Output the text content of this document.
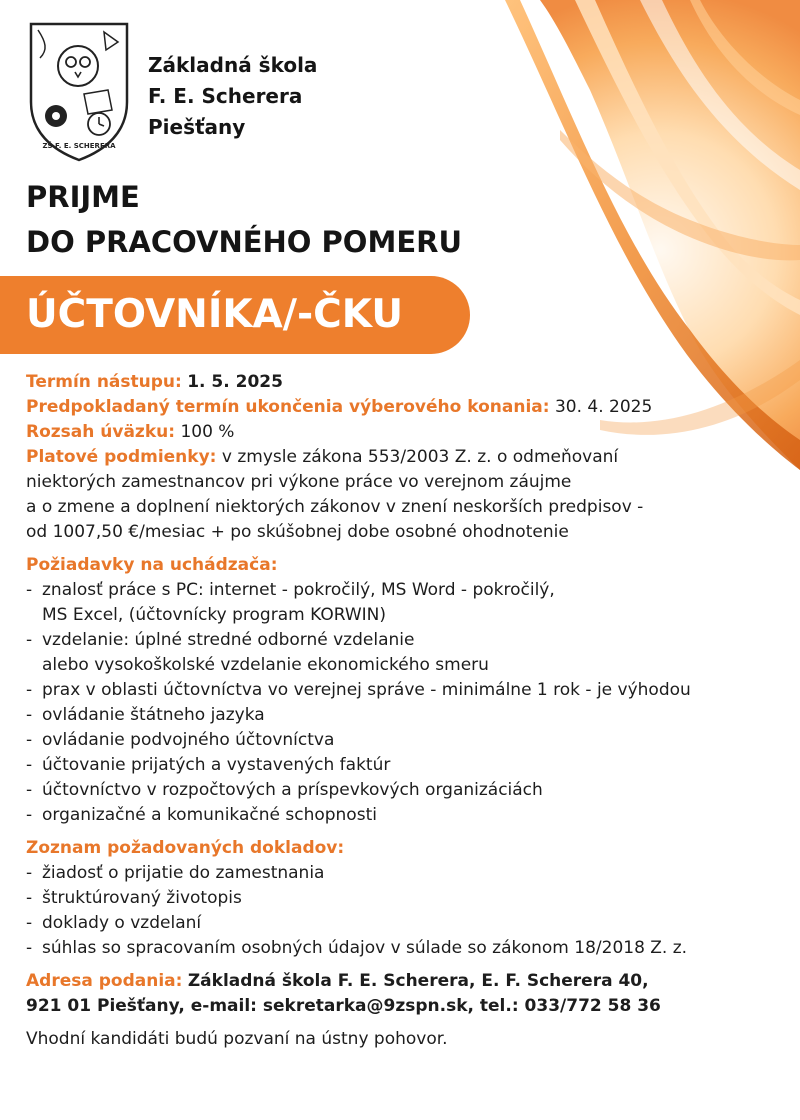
ZŠ F. E. SCHERERA
Základná škola
F. E. Scherera
Piešťany
PRIJME
DO PRACOVNÉHO POMERU
ÚČTOVNÍKA/-ČKU
Termín nástupu: 1. 5. 2025
Predpokladaný termín ukončenia výberového konania: 30. 4. 2025
Rozsah úväzku: 100 %
Platové podmienky: v zmysle zákona 553/2003 Z. z. o odmeňovaní
niektorých zamestnancov pri výkone práce vo verejnom záujme
a o zmene a doplnení niektorých zákonov v znení neskorších predpisov -
od 1007,50 €/mesiac + po skúšobnej dobe osobné ohodnotenie
Požiadavky na uchádzača:
- znalosť práce s PC: internet - pokročilý, MS Word - pokročilý,
MS Excel, (účtovnícky program KORWIN)
- vzdelanie: úplné stredné odborné vzdelanie
alebo vysokoškolské vzdelanie ekonomického smeru
- prax v oblasti účtovníctva vo verejnej správe - minimálne 1 rok - je výhodou
- ovládanie štátneho jazyka
- ovládanie podvojného účtovníctva
- účtovanie prijatých a vystavených faktúr
- účtovníctvo v rozpočtových a príspevkových organizáciách
- organizačné a komunikačné schopnosti
Zoznam požadovaných dokladov:
- žiadosť o prijatie do zamestnania
- štruktúrovaný životopis
- doklady o vzdelaní
- súhlas so spracovaním osobných údajov v súlade so zákonom 18/2018 Z. z.
Adresa podania: Základná škola F. E. Scherera, E. F. Scherera 40,
921 01 Piešťany, e-mail: sekretarka@9zspn.sk, tel.: 033/772 58 36
Vhodní kandidáti budú pozvaní na ústny pohovor.
